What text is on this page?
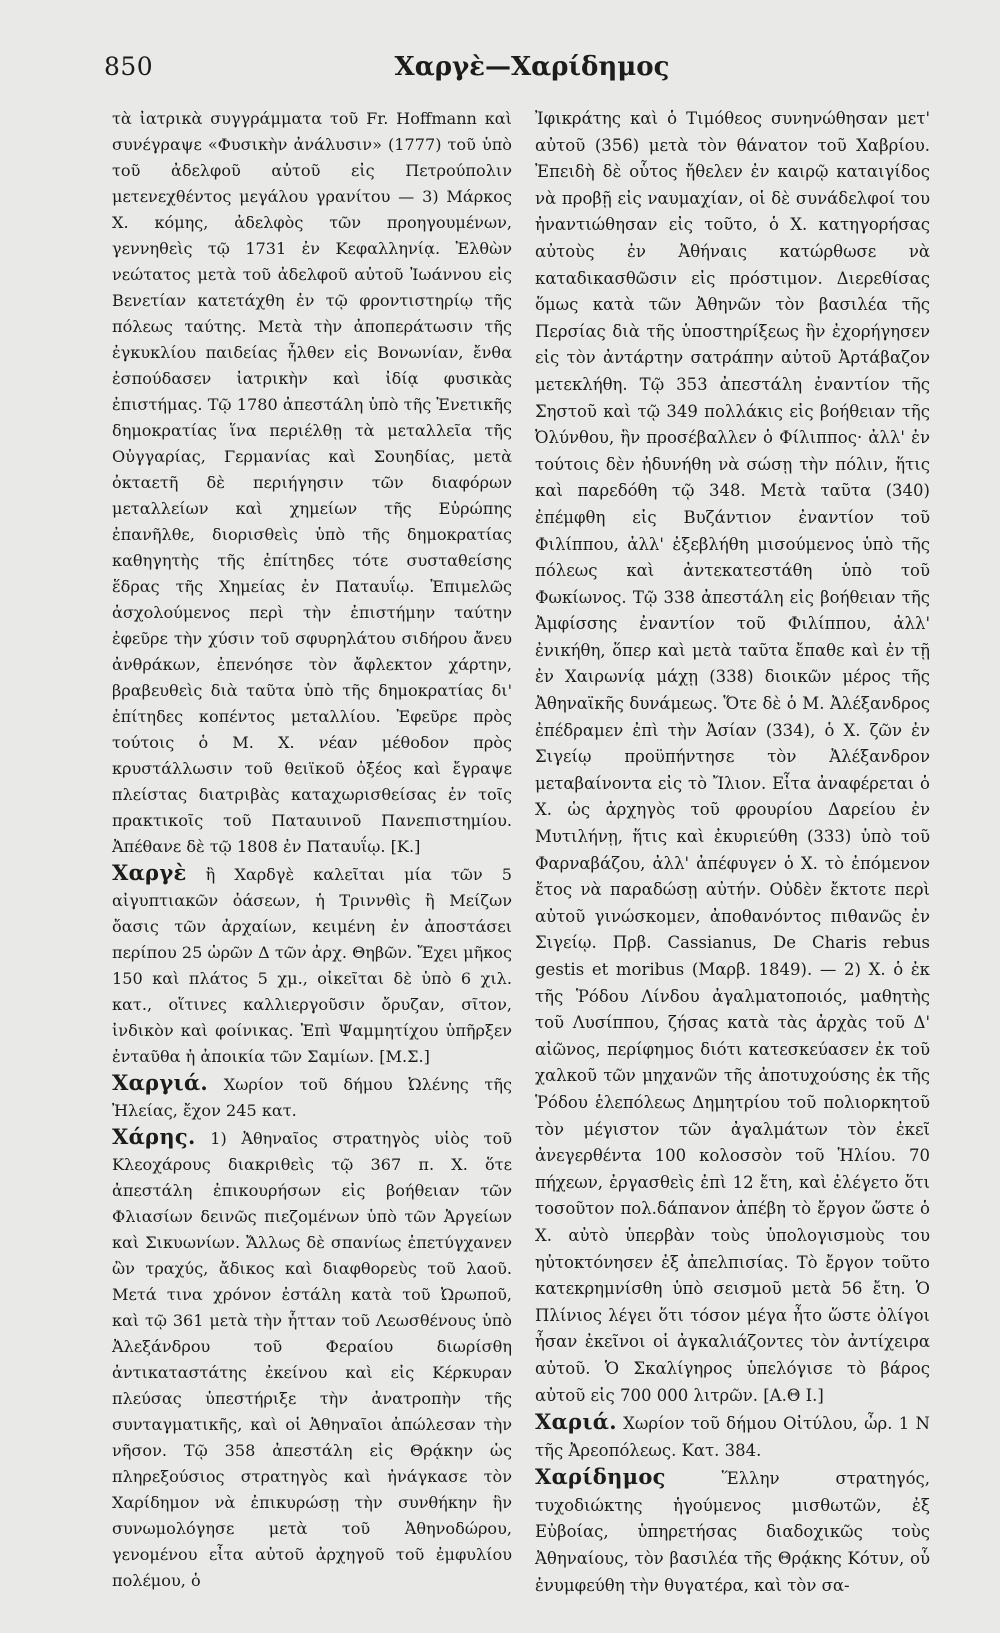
850	Χαργὲ—Χαρίδημος

τὰ ἰατρικὰ συγγράμματα τοῦ Fr. Hoffmann καὶ συνέγραψε «Φυσικὴν ἀνάλυσιν» (1777) τοῦ ὑπὸ τοῦ ἀδελφοῦ αὐτοῦ εἰς Πετρούπολιν μετενεχθέντος μεγάλου γρανίτου — 3) Μάρκος Χ. κόμης, ἀδελφὸς τῶν προηγουμένων, γεννηθεὶς τῷ 1731 ἐν Κεφαλληνίᾳ. Ἐλθὼν νεώτατος μετὰ τοῦ ἀδελφοῦ αὐτοῦ Ἰωάννου εἰς Βενετίαν κατετάχθη ἐν τῷ φροντιστηρίῳ τῆς πόλεως ταύτης. Μετὰ τὴν ἀποπεράτωσιν τῆς ἐγκυκλίου παιδείας ἦλθεν εἰς Βονωνίαν, ἔνθα ἐσπούδασεν ἰατρικὴν καὶ ἰδίᾳ φυσικὰς ἐπιστήμας. Τῷ 1780 ἀπεστάλη ὑπὸ τῆς Ἑνετικῆς δημοκρατίας ἵνα περιέλθῃ τὰ μεταλλεῖα τῆς Οὐγγαρίας, Γερμανίας καὶ Σουηδίας, μετὰ ὀκταετῆ δὲ περιήγησιν τῶν διαφόρων μεταλλείων καὶ χημείων τῆς Εὐρώπης ἐπανῆλθε, διορισθεὶς ὑπὸ τῆς δημοκρατίας καθηγητὴς τῆς ἐπίτηδες τότε συσταθείσης ἕδρας τῆς Χημείας ἐν Παταυΐῳ. Ἐπιμελῶς ἀσχολούμενος περὶ τὴν ἐπιστήμην ταύτην ἐφεῦρε τὴν χύσιν τοῦ σφυρηλάτου σιδήρου ἄνευ ἀνθράκων, ἐπενόησε τὸν ἄφλεκτον χάρτην, βραβευθεὶς διὰ ταῦτα ὑπὸ τῆς δημοκρατίας δι' ἐπίτηδες κοπέντος μεταλλίου. Ἐφεῦρε πρὸς τούτοις ὁ Μ. Χ. νέαν μέθοδον πρὸς κρυστάλλωσιν τοῦ θειϊκοῦ ὀξέος καὶ ἔγραψε πλείστας διατριβὰς καταχωρισθείσας ἐν τοῖς πρακτικοῖς τοῦ Παταυινοῦ Πανεπιστημίου. Ἀπέθανε δὲ τῷ 1808 ἐν Παταυΐῳ. [Κ.]

Χαργὲ ἢ Χαρδγὲ καλεῖται μία τῶν 5 αἰγυπτιακῶν ὀάσεων, ἡ Τριννθὶς ἢ Μείζων ὄασις τῶν ἀρχαίων, κειμένη ἐν ἀποστάσει περίπου 25 ὡρῶν Δ τῶν ἀρχ. Θηβῶν. Ἔχει μῆκος 150 καὶ πλάτος 5 χμ., οἰκεῖται δὲ ὑπὸ 6 χιλ. κατ., οἵτινες καλλιεργοῦσιν ὄρυζαν, σῖτον, ἰνδικὸν καὶ φοίνικας. Ἐπὶ Ψαμμητίχου ὑπῆρξεν ἐνταῦθα ἡ ἀποικία τῶν Σαμίων. [Μ.Σ.]

Χαργιά. Χωρίον τοῦ δήμου Ὠλένης τῆς Ἠλείας, ἔχον 245 κατ.

Χάρης. 1) Ἀθηναῖος στρατηγὸς υἱὸς τοῦ Κλεοχάρους διακριθεὶς τῷ 367 π. Χ. ὅτε ἀπεστάλη ἐπικουρήσων εἰς βοήθειαν τῶν Φλιασίων δεινῶς πιεζομένων ὑπὸ τῶν Ἀργείων καὶ Σικυωνίων. Ἄλλως δὲ σπανίως ἐπετύγχανεν ὢν τραχύς, ἄδικος καὶ διαφθορεὺς τοῦ λαοῦ. Μετά τινα χρόνον ἐστάλη κατὰ τοῦ Ὠρωποῦ, καὶ τῷ 361 μετὰ τὴν ἧτταν τοῦ Λεωσθένους ὑπὸ Ἀλεξάνδρου τοῦ Φεραίου διωρίσθη ἀντικαταστάτης ἐκείνου καὶ εἰς Κέρκυραν πλεύσας ὑπεστήριξε τὴν ἀνατροπὴν τῆς συνταγματικῆς, καὶ οἱ Ἀθηναῖοι ἀπώλεσαν τὴν νῆσον. Τῷ 358 ἀπεστάλη εἰς Θρᾴκην ὡς πληρεξούσιος στρατηγὸς καὶ ἠνάγκασε τὸν Χαρίδημον νὰ ἐπικυρώσῃ τὴν συνθήκην ἣν συνωμολόγησε μετὰ τοῦ Ἀθηνοδώρου, γενομένου εἶτα αὐτοῦ ἀρχηγοῦ τοῦ ἐμφυλίου πολέμου, ὁ

Ἰφικράτης καὶ ὁ Τιμόθεος συνηνώθησαν μετ' αὐτοῦ (356) μετὰ τὸν θάνατον τοῦ Χαβρίου. Ἐπειδὴ δὲ οὗτος ἤθελεν ἐν καιρῷ καταιγίδος νὰ προβῇ εἰς ναυμαχίαν, οἱ δὲ συνάδελφοί του ἠναντιώθησαν εἰς τοῦτο, ὁ Χ. κατηγορήσας αὐτοὺς ἐν Ἀθήναις κατώρθωσε νὰ καταδικασθῶσιν εἰς πρόστιμον. Διερεθίσας ὅμως κατὰ τῶν Ἀθηνῶν τὸν βασιλέα τῆς Περσίας διὰ τῆς ὑποστηρίξεως ἣν ἐχορήγησεν εἰς τὸν ἀντάρτην σατράπην αὐτοῦ Ἀρτάβαζον μετεκλήθη. Τῷ 353 ἀπεστάλη ἐναντίον τῆς Σηστοῦ καὶ τῷ 349 πολλάκις εἰς βοήθειαν τῆς Ὀλύνθου, ἣν προσέβαλλεν ὁ Φίλιππος· ἀλλ' ἐν τούτοις δὲν ἠδυνήθη νὰ σώσῃ τὴν πόλιν, ἥτις καὶ παρεδόθη τῷ 348. Μετὰ ταῦτα (340) ἐπέμφθη εἰς Βυζάντιον ἐναντίον τοῦ Φιλίππου, ἀλλ' ἐξεβλήθη μισούμενος ὑπὸ τῆς πόλεως καὶ ἀντεκατεστάθη ὑπὸ τοῦ Φωκίωνος. Τῷ 338 ἀπεστάλη εἰς βοήθειαν τῆς Ἀμφίσσης ἐναντίον τοῦ Φιλίππου, ἀλλ' ἐνικήθη, ὅπερ καὶ μετὰ ταῦτα ἔπαθε καὶ ἐν τῇ ἐν Χαιρωνίᾳ μάχῃ (338) διοικῶν μέρος τῆς Ἀθηναϊκῆς δυνάμεως. Ὅτε δὲ ὁ Μ. Ἀλέξανδρος ἐπέδραμεν ἐπὶ τὴν Ἀσίαν (334), ὁ Χ. ζῶν ἐν Σιγείῳ προϋπήντησε τὸν Ἀλέξανδρον μεταβαίνοντα εἰς τὸ Ἴλιον. Εἶτα ἀναφέρεται ὁ Χ. ὡς ἀρχηγὸς τοῦ φρουρίου Δαρείου ἐν Μυτιλήνῃ, ἥτις καὶ ἐκυριεύθη (333) ὑπὸ τοῦ Φαρναβάζου, ἀλλ' ἀπέφυγεν ὁ Χ. τὸ ἐπόμενον ἔτος νὰ παραδώσῃ αὐτήν. Οὐδὲν ἔκτοτε περὶ αὐτοῦ γινώσκομεν, ἀποθανόντος πιθανῶς ἐν Σιγείῳ. Πρβ. Cassianus, De Charis rebus gestis et moribus (Μαρβ. 1849). — 2) Χ. ὁ ἐκ τῆς Ῥόδου Λίνδου ἀγαλματοποιός, μαθητὴς τοῦ Λυσίππου, ζήσας κατὰ τὰς ἀρχὰς τοῦ Δ' αἰῶνος, περίφημος διότι κατεσκεύασεν ἐκ τοῦ χαλκοῦ τῶν μηχανῶν τῆς ἀποτυχούσης ἐκ τῆς Ῥόδου ἑλεπόλεως Δημητρίου τοῦ πολιορκητοῦ τὸν μέγιστον τῶν ἀγαλμάτων τὸν ἐκεῖ ἀνεγερθέντα 100 κολοσσὸν τοῦ Ἡλίου. 70 πήχεων, ἐργασθεὶς ἐπὶ 12 ἔτη, καὶ ἐλέγετο ὅτι τοσοῦτον πολ.δάπανον ἀπέβη τὸ ἔργον ὥστε ὁ Χ. αὐτὸ ὑπερβὰν τοὺς ὑπολογισμοὺς του ηὐτοκτόνησεν ἐξ ἀπελπισίας. Τὸ ἔργον τοῦτο κατεκρημνίσθη ὑπὸ σεισμοῦ μετὰ 56 ἔτη. Ὁ Πλίνιος λέγει ὅτι τόσον μέγα ἦτο ὥστε ὀλίγοι ἦσαν ἐκεῖνοι οἱ ἀγκαλιάζοντες τὸν ἀντίχειρα αὐτοῦ. Ὁ Σκαλίγηρος ὑπελόγισε τὸ βάρος αὐτοῦ εἰς 700 000 λιτρῶν. [Α.Θ Ι.]

Χαριά. Χωρίον τοῦ δήμου Οἰτύλου, ὦρ. 1 Ν τῆς Ἀρεοπόλεως. Κατ. 384.

Χαρίδημος	Ἕλλην στρατηγός, τυχοδιώκτης ἡγούμενος μισθωτῶν, ἐξ Εὐβοίας, ὑπηρετήσας διαδοχικῶς τοὺς Ἀθηναίους, τὸν βασιλέα τῆς Θρᾴκης Κότυν, οὗ ἐνυμφεύθη τὴν θυγατέρα, καὶ τὸν σα-
